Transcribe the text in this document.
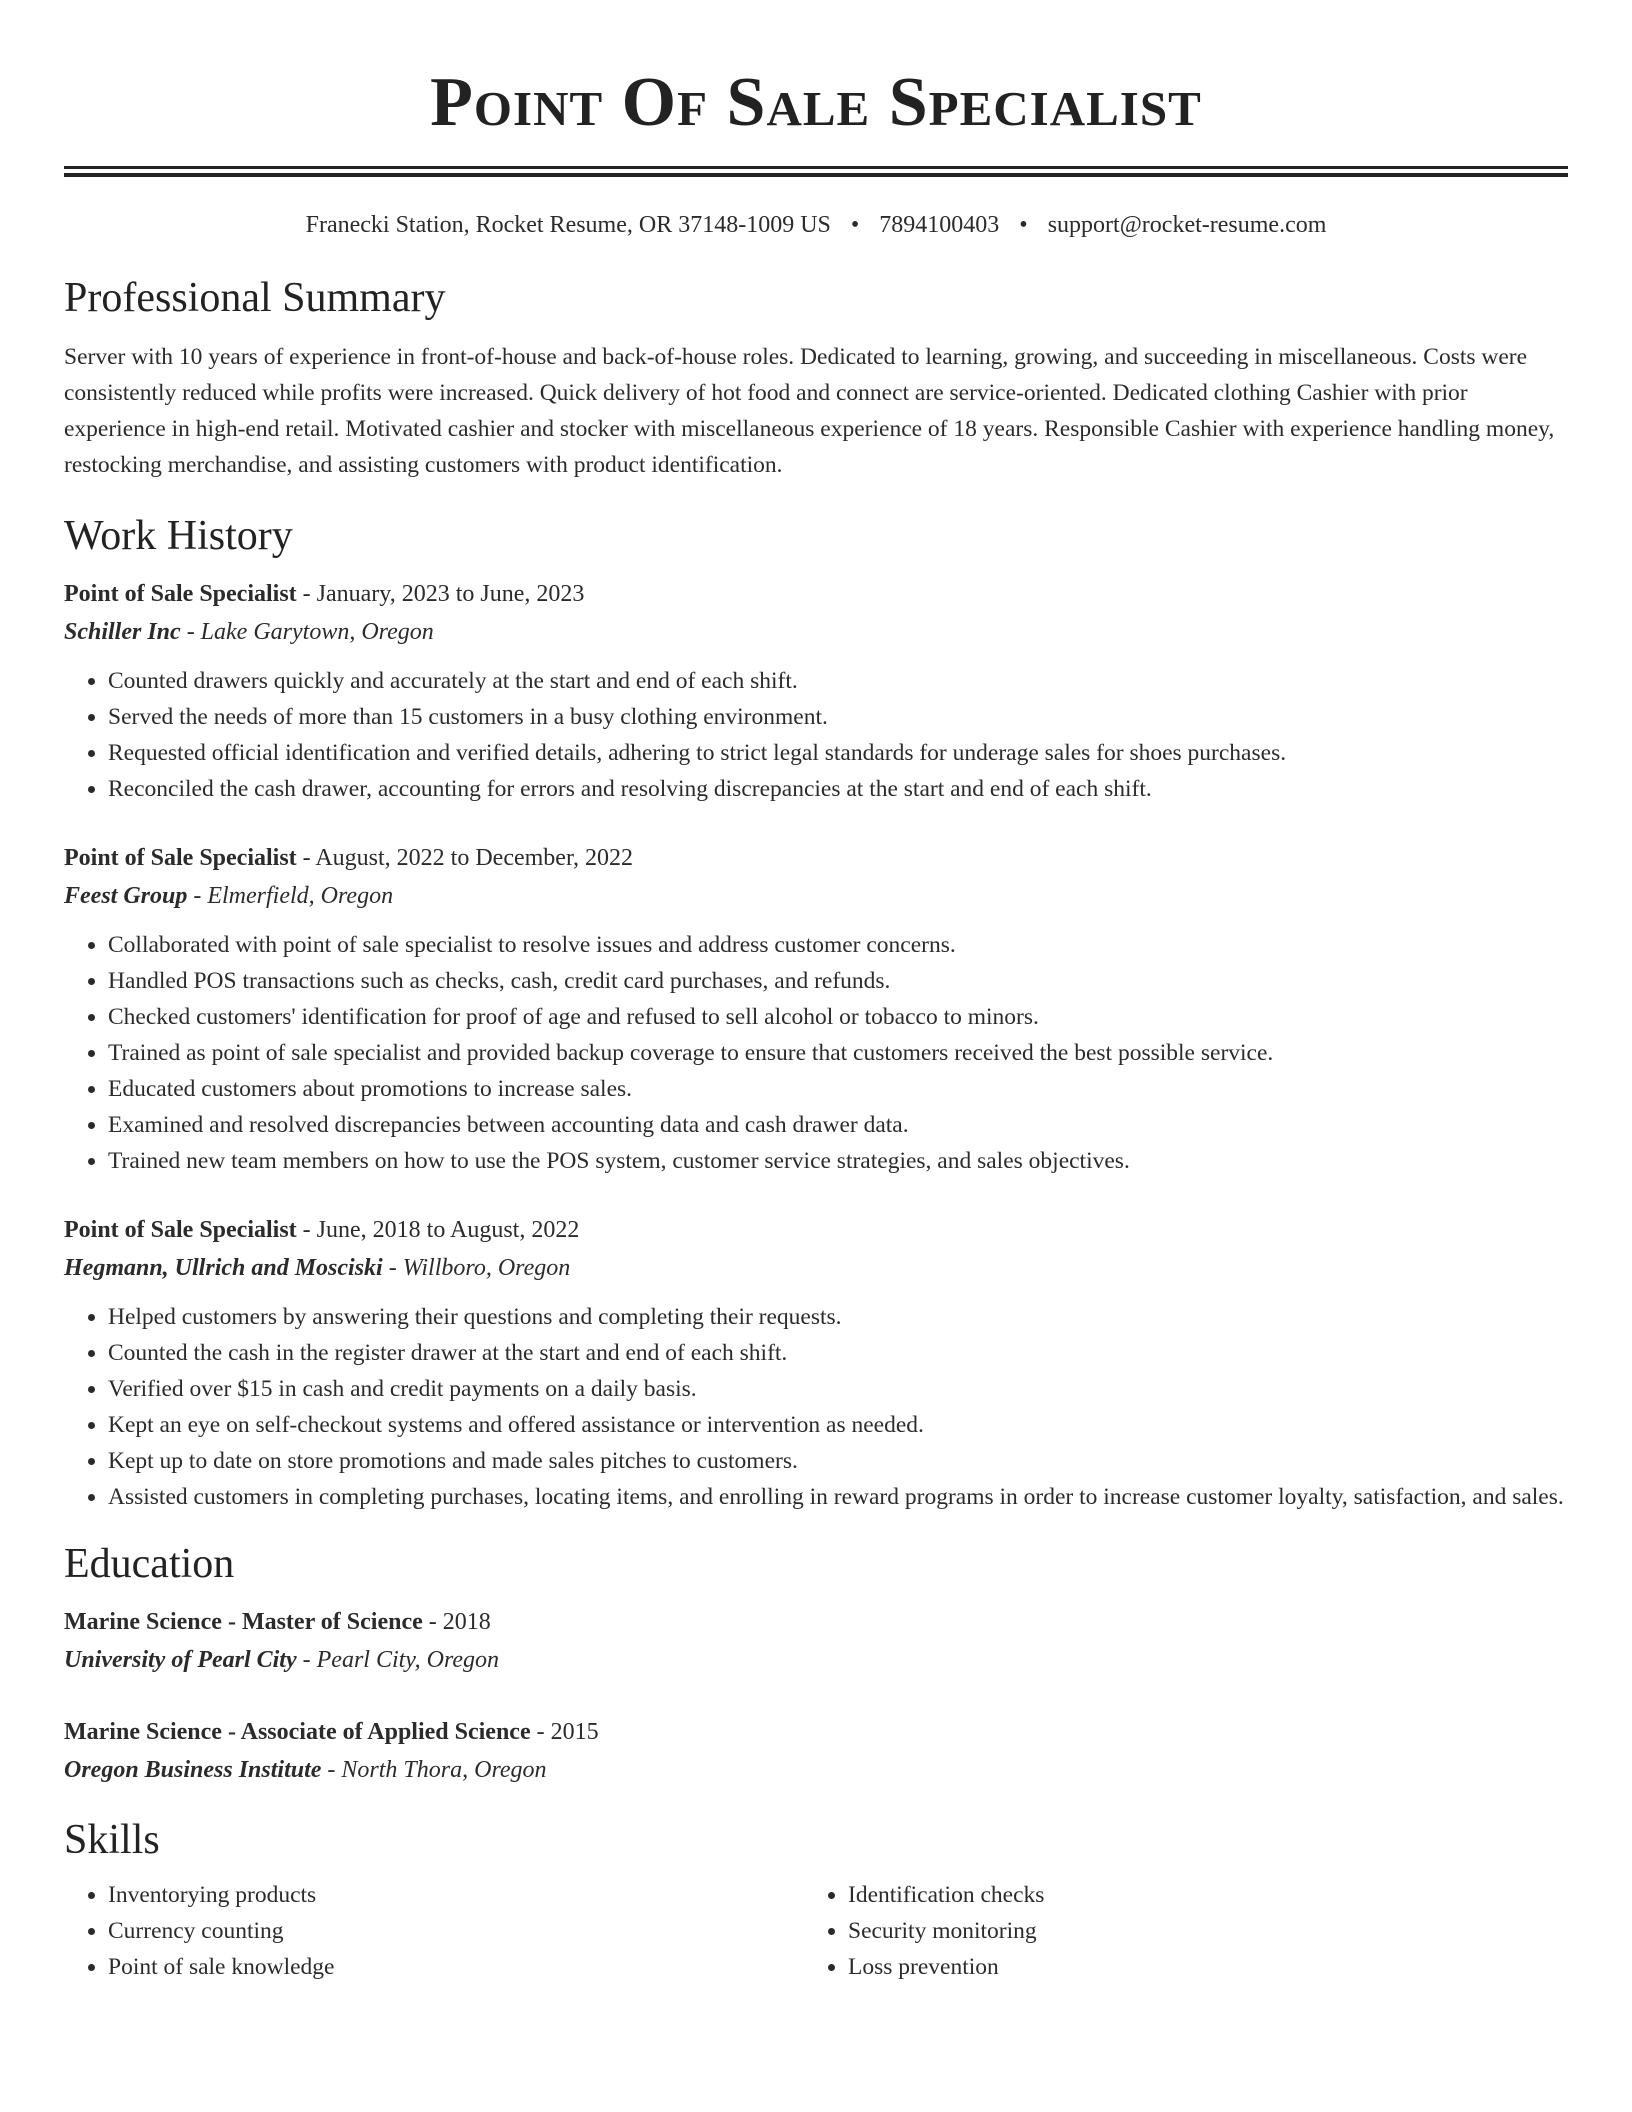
Point Of Sale Specialist
Franecki Station, Rocket Resume, OR 37148-1009 US • 7894100403 • support@rocket-resume.com
Professional Summary

Server with 10 years of experience in front-of-house and back-of-house roles. Dedicated to learning, growing, and succeeding in miscellaneous. Costs were consistently reduced while profits were increased. Quick delivery of hot food and connect are service-oriented. Dedicated clothing Cashier with prior experience in high-end retail. Motivated cashier and stocker with miscellaneous experience of 18 years. Responsible Cashier with experience handling money, restocking merchandise, and assisting customers with product identification.

Work History
Point of Sale Specialist - January, 2023 to June, 2023
Schiller Inc - Lake Garytown, Oregon
• Counted drawers quickly and accurately at the start and end of each shift.
• Served the needs of more than 15 customers in a busy clothing environment.
• Requested official identification and verified details, adhering to strict legal standards for underage sales for shoes purchases.
• Reconciled the cash drawer, accounting for errors and resolving discrepancies at the start and end of each shift.
Point of Sale Specialist - August, 2022 to December, 2022
Feest Group - Elmerfield, Oregon
• Collaborated with point of sale specialist to resolve issues and address customer concerns.
• Handled POS transactions such as checks, cash, credit card purchases, and refunds.
• Checked customers' identification for proof of age and refused to sell alcohol or tobacco to minors.
• Trained as point of sale specialist and provided backup coverage to ensure that customers received the best possible service.
• Educated customers about promotions to increase sales.
• Examined and resolved discrepancies between accounting data and cash drawer data.
• Trained new team members on how to use the POS system, customer service strategies, and sales objectives.
Point of Sale Specialist - June, 2018 to August, 2022
Hegmann, Ullrich and Mosciski - Willboro, Oregon
• Helped customers by answering their questions and completing their requests.
• Counted the cash in the register drawer at the start and end of each shift.
• Verified over $15 in cash and credit payments on a daily basis.
• Kept an eye on self-checkout systems and offered assistance or intervention as needed.
• Kept up to date on store promotions and made sales pitches to customers.
• Assisted customers in completing purchases, locating items, and enrolling in reward programs in order to increase customer loyalty, satisfaction, and sales.
Education
Marine Science - Master of Science - 2018
University of Pearl City - Pearl City, Oregon
Marine Science - Associate of Applied Science - 2015
Oregon Business Institute - North Thora, Oregon
Skills
• Inventorying products
• Currency counting
• Point of sale knowledge
• Identification checks
• Security monitoring
• Loss prevention
